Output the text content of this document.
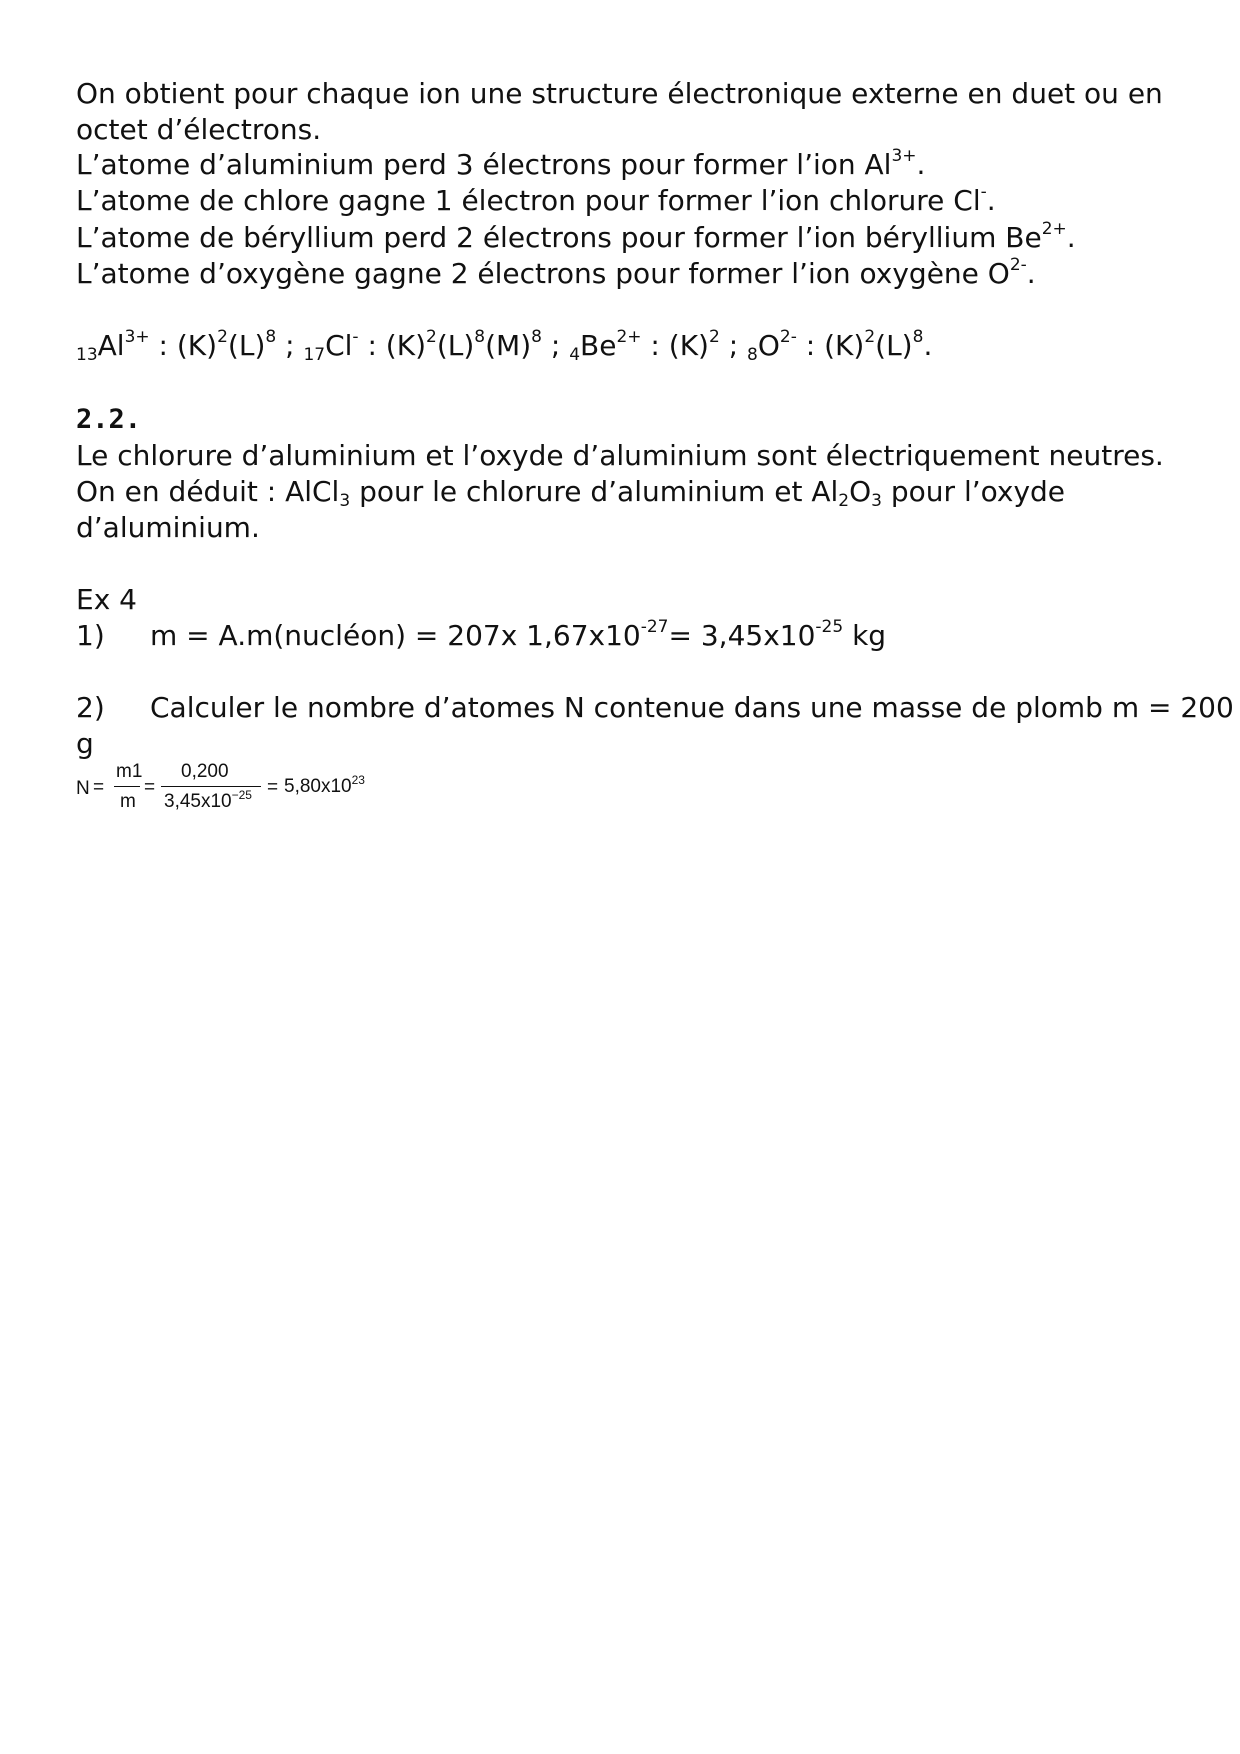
On obtient pour chaque ion une structure électronique externe en duet ou en
octet d’électrons.
L’atome d’aluminium perd 3 électrons pour former l’ion $Al^{3+}$.
L’atome de chlore gagne 1 électron pour former l’ion chlorure Cl-.
L’atome de béryllium perd 2 électrons pour former l’ion béryllium $Be^{2+}$.
L’atome d’oxygène gagne 2 électrons pour former l’ion oxygène $O^{2-}$.
$_{13}Al^{3+}$ : $(K)^2(L)^8$ ; $_{17}$Cl- : $(K)^2(L)^8(M)^8$ ; $_4Be^{2+}$ : $(K)^2$ ; $_8O^{2-}$ : $(K)^2(L)^8$.
2.2.
Le chlorure d’aluminium et l’oxyde d’aluminium sont électriquement neutres.
On en déduit : AlCl$_3$ pour le chlorure d’aluminium et $Al_2O_3$ pour l’oxyde
d’aluminium.
Ex 4
1) m = A.m(nucléon) = 207x $1,67x10^{-27}= 3,45x10^{-25}$ kg
2) Calculer le nombre d’atomes N contenue dans une masse de plomb m = 200
g
N =
m1
m
=
0,200
$3,45x10^{-25} = 5,80x10^{23}$
